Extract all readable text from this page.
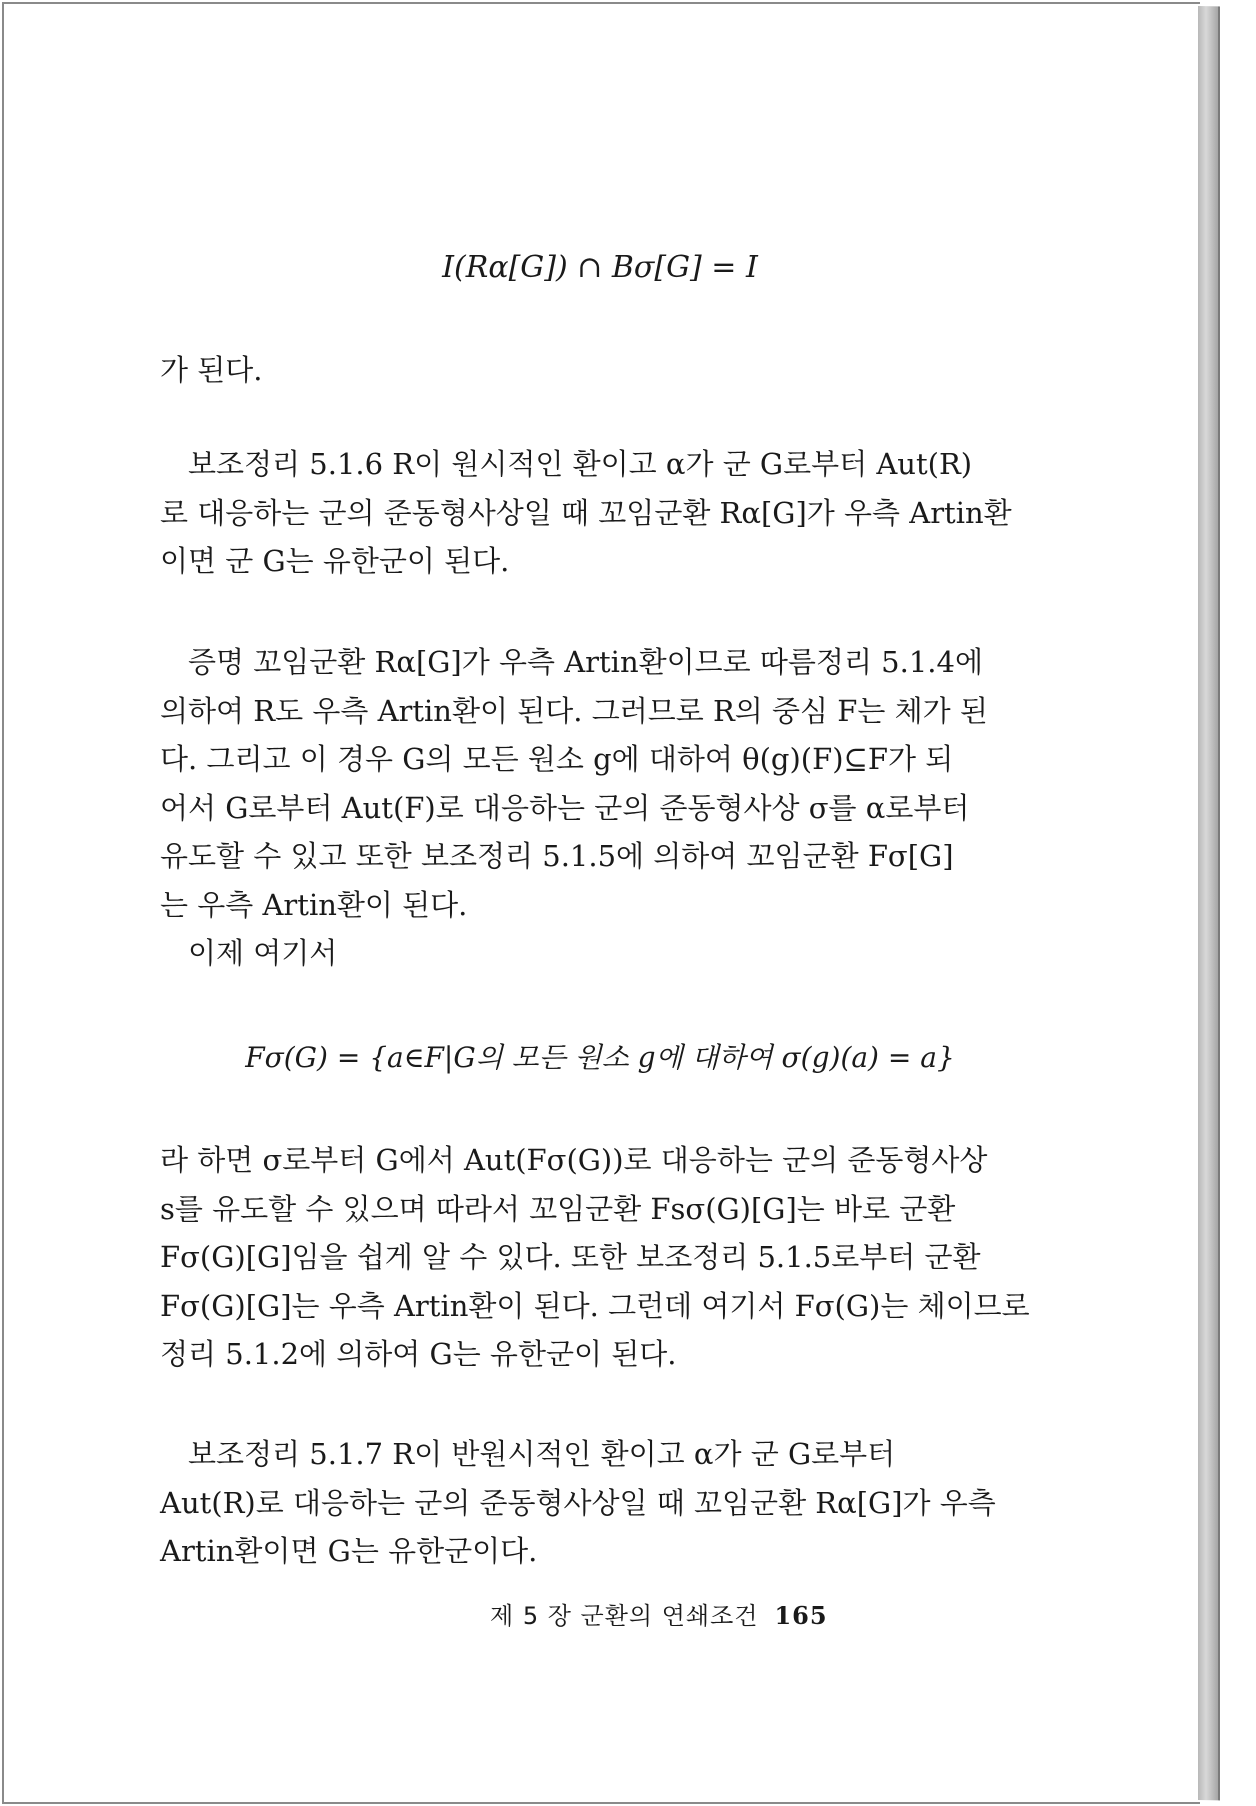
I(Rα[G]) ∩ Bσ[G] = I
가 된다.
보조정리 5.1.6 R이 원시적인 환이고 α가 군 G로부터 Aut(R)
로 대응하는 군의 준동형사상일 때 꼬임군환 Rα[G]가 우측 Artin환
이면 군 G는 유한군이 된다.
증명 꼬임군환 Rα[G]가 우측 Artin환이므로 따름정리 5.1.4에
의하여 R도 우측 Artin환이 된다. 그러므로 R의 중심 F는 체가 된
다. 그리고 이 경우 G의 모든 원소 g에 대하여 θ(g)(F)⊆F가 되
어서 G로부터 Aut(F)로 대응하는 군의 준동형사상 σ를 α로부터
유도할 수 있고 또한 보조정리 5.1.5에 의하여 꼬임군환 Fσ[G]
는 우측 Artin환이 된다.
이제 여기서
Fσ(G) = {a∈F|G의 모든 원소 g에 대하여 σ(g)(a) = a}
라 하면 σ로부터 G에서 Aut(Fσ(G))로 대응하는 군의 준동형사상
s를 유도할 수 있으며 따라서 꼬임군환 Fsσ(G)[G]는 바로 군환
Fσ(G)[G]임을 쉽게 알 수 있다. 또한 보조정리 5.1.5로부터 군환
Fσ(G)[G]는 우측 Artin환이 된다. 그런데 여기서 Fσ(G)는 체이므로
정리 5.1.2에 의하여 G는 유한군이 된다.
보조정리 5.1.7 R이 반원시적인 환이고 α가 군 G로부터
Aut(R)로 대응하는 군의 준동형사상일 때 꼬임군환 Rα[G]가 우측
Artin환이면 G는 유한군이다.
제 5 장 군환의 연쇄조건 165
